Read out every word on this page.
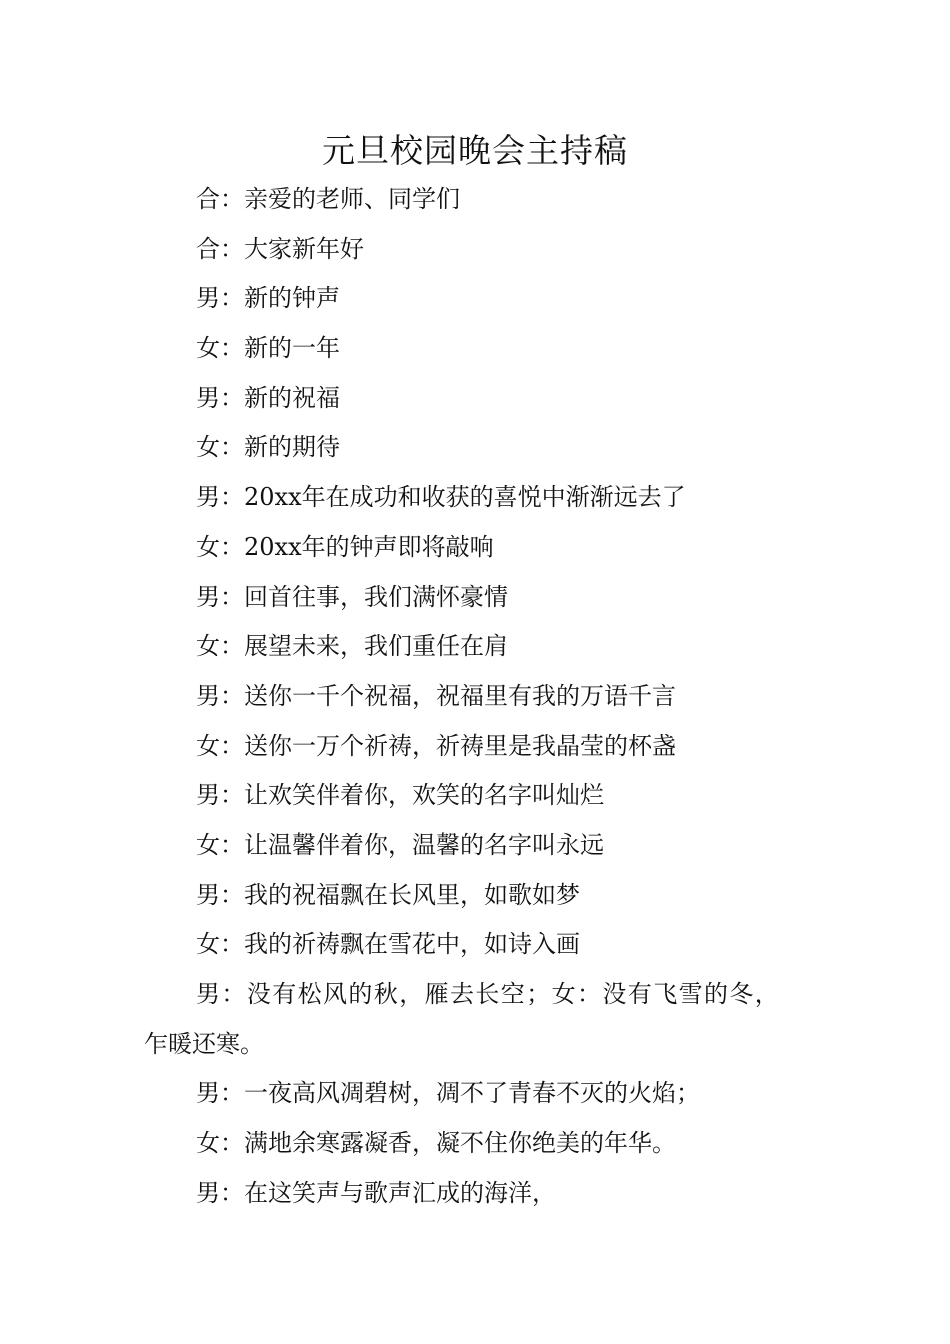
元旦校园晚会主持稿
合：亲爱的老师、同学们
合：大家新年好
男：新的钟声
女：新的一年
男：新的祝福
女：新的期待
男：20xx年在成功和收获的喜悦中渐渐远去了
女：20xx年的钟声即将敲响
男：回首往事，我们满怀豪情
女：展望未来，我们重任在肩
男：送你一千个祝福，祝福里有我的万语千言
女：送你一万个祈祷，祈祷里是我晶莹的杯盏
男：让欢笑伴着你，欢笑的名字叫灿烂
女：让温馨伴着你，温馨的名字叫永远
男：我的祝福飘在长风里，如歌如梦
女：我的祈祷飘在雪花中，如诗入画
男：没有松风的秋，雁去长空；女：没有飞雪的冬，
乍暖还寒。
男：一夜高风凋碧树，凋不了青春不灭的火焰；
女：满地余寒露凝香，凝不住你绝美的年华。
男：在这笑声与歌声汇成的海洋，
